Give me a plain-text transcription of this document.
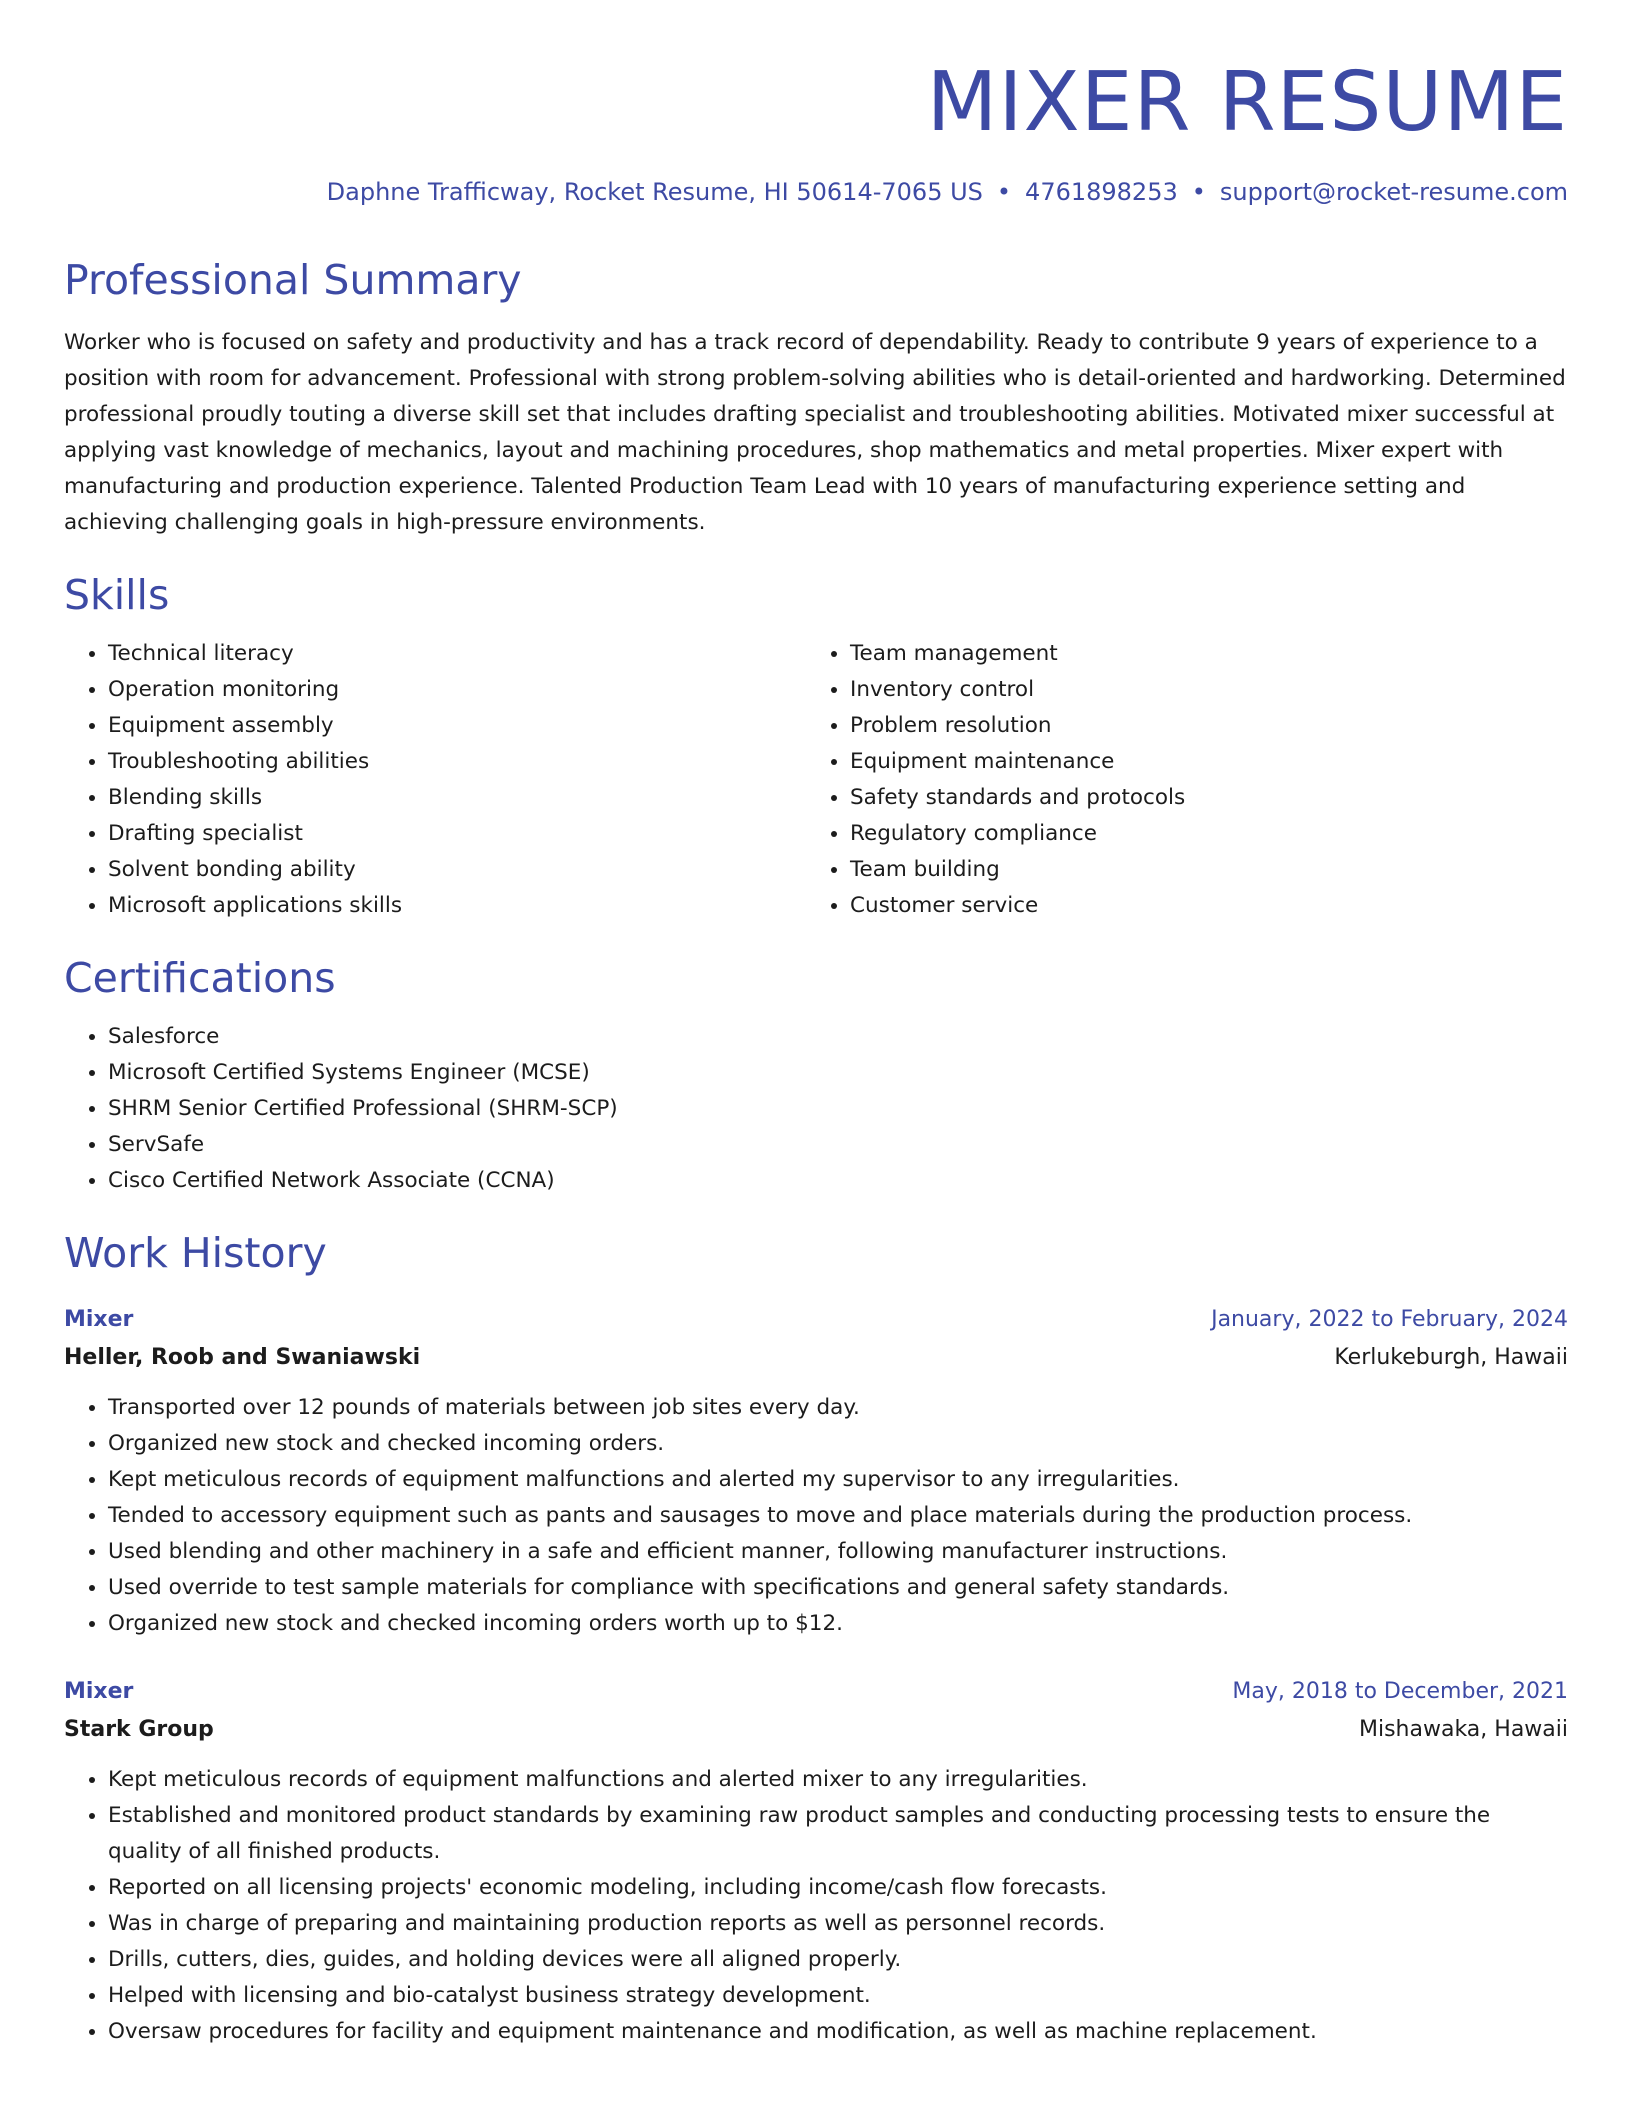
MIXER RESUME
Daphne Trafficway, Rocket Resume, HI 50614-7065 US • 4761898253 • support@rocket-resume.com
Professional Summary

Worker who is focused on safety and productivity and has a track record of dependability. Ready to contribute 9 years of experience to a position with room for advancement. Professional with strong problem-solving abilities who is detail-oriented and hardworking. Determined professional proudly touting a diverse skill set that includes drafting specialist and troubleshooting abilities. Motivated mixer successful at applying vast knowledge of mechanics, layout and machining procedures, shop mathematics and metal properties. Mixer expert with manufacturing and production experience. Talented Production Team Lead with 10 years of manufacturing experience setting and achieving challenging goals in high-pressure environments.

Skills
• Technical literacy
• Operation monitoring
• Equipment assembly
• Troubleshooting abilities
• Blending skills
• Drafting specialist
• Solvent bonding ability
• Microsoft applications skills
• Team management
• Inventory control
• Problem resolution
• Equipment maintenance
• Safety standards and protocols
• Regulatory compliance
• Team building
• Customer service
Certifications
• Salesforce
• Microsoft Certified Systems Engineer (MCSE)
• SHRM Senior Certified Professional (SHRM-SCP)
• ServSafe
• Cisco Certified Network Associate (CCNA)
Work History
Mixer	January, 2022 to February, 2024
Heller, Roob and Swaniawski	Kerlukeburgh, Hawaii
• Transported over 12 pounds of materials between job sites every day.
• Organized new stock and checked incoming orders.
• Kept meticulous records of equipment malfunctions and alerted my supervisor to any irregularities.
• Tended to accessory equipment such as pants and sausages to move and place materials during the production process.
• Used blending and other machinery in a safe and efficient manner, following manufacturer instructions.
• Used override to test sample materials for compliance with specifications and general safety standards.
• Organized new stock and checked incoming orders worth up to $12.
Mixer	May, 2018 to December, 2021
Stark Group	Mishawaka, Hawaii
• Kept meticulous records of equipment malfunctions and alerted mixer to any irregularities.
• Established and monitored product standards by examining raw product samples and conducting processing tests to ensure the quality of all finished products.
• Reported on all licensing projects' economic modeling, including income/cash flow forecasts.
• Was in charge of preparing and maintaining production reports as well as personnel records.
• Drills, cutters, dies, guides, and holding devices were all aligned properly.
• Helped with licensing and bio-catalyst business strategy development.
• Oversaw procedures for facility and equipment maintenance and modification, as well as machine replacement.
